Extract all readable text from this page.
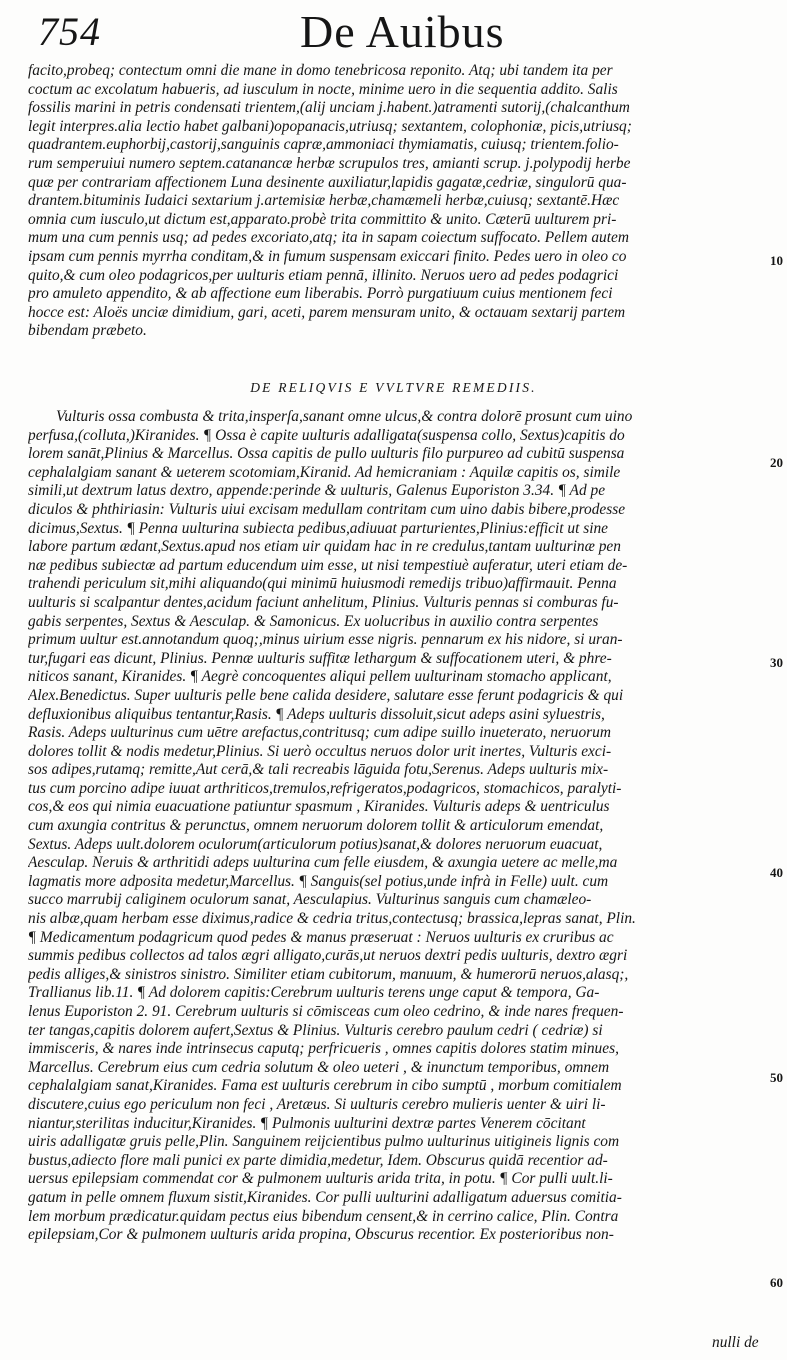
754	De Auibus
facito,probeq; contectum omni die mane in domo tenebricosa reponito. Atq; ubi tandem ita per
coctum ac excolatum habueris, ad iusculum in nocte, minime uero in die sequentia addito. Salis
fossilis marini in petris condensati trientem,(alij unciam j.habent.)atramenti sutorij,(chalcanthum
legit interpres.alia lectio habet galbani)opopanacis,utriusq; sextantem, colophoniæ, picis,utriusq;
quadrantem.euphorbij,castorij,sanguinis capræ,ammoniaci thymiamatis, cuiusq; trientem.folio-
rum semperuiui numero septem.catanancæ herbæ scrupulos tres, amianti scrup. j.polypodij herbe
quæ per contrariam affectionem Luna desinente auxiliatur,lapidis gagatæ,cedriæ, singulorū qua-
drantem.bituminis Iudaici sextarium j.artemisiæ herbæ,chamæmeli herbæ,cuiusq; sextantē.Hæc
omnia cum iusculo,ut dictum est,apparato.probè trita committito & unito. Cæterū uulturem pri-
mum una cum pennis usq; ad pedes excoriato,atq; ita in sapam coiectum suffocato. Pellem autem
ipsam cum pennis myrrha conditam,& in fumum suspensam exiccari finito. Pedes uero in oleo co
quito,& cum oleo podagricos,per uulturis etiam pennā, illinito. Neruos uero ad pedes podagrici
pro amuleto appendito, & ab affectione eum liberabis. Porrò purgatiuum cuius mentionem feci
hocce est: Aloës unciæ dimidium, gari, aceti, parem mensuram unito, & octauam sextarij partem
bibendam præbeto.
DE RELIQVIS E VVLTVRE REMEDIIS.
Vulturis ossa combusta & trita,insperſa,sanant omne ulcus,& contra dolorē prosunt cum uino
perfusa,(colluta,)Kiranides. ¶ Ossa è capite uulturis adalligata(suspensa collo, Sextus)capitis do
lorem sanāt,Plinius & Marcellus. Ossa capitis de pullo uulturis filo purpureo ad cubitū suspensa
cephalalgiam sanant & ueterem scotomiam,Kiranid. Ad hemicraniam : Aquilæ capitis os, simile
simili,ut dextrum latus dextro, appende:perinde & uulturis, Galenus Euporiston 3.34. ¶ Ad pe
diculos & phthiriasin: Vulturis uiui excisam medullam contritam cum uino dabis bibere,prodesse
dicimus,Sextus. ¶ Penna uulturina subiecta pedibus,adiuuat parturientes,Plinius:efficit ut sine
labore partum ædant,Sextus.apud nos etiam uir quidam hac in re credulus,tantam uulturinæ pen
næ pedibus subiectæ ad partum educendum uim esse, ut nisi tempestiuè auferatur, uteri etiam de-
trahendi periculum sit,mihi aliquando(qui minimū huiusmodi remedijs tribuo)affirmauit. Penna
uulturis si scalpantur dentes,acidum faciunt anhelitum, Plinius. Vulturis pennas si comburas fu-
gabis serpentes, Sextus & Aesculap. & Samonicus. Ex uolucribus in auxilio contra serpentes
primum uultur est.annotandum quoq;,minus uirium esse nigris. pennarum ex his nidore, si uran-
tur,fugari eas dicunt, Plinius. Pennæ uulturis suffitæ lethargum & suffocationem uteri, & phre-
niticos sanant, Kiranides. ¶ Aegrè concoquentes aliqui pellem uulturinam stomacho applicant,
Alex.Benedictus. Super uulturis pelle bene calida desidere, salutare esse ferunt podagricis & qui
defluxionibus aliquibus tentantur,Rasis. ¶ Adeps uulturis dissoluit,sicut adeps asini syluestris,
Rasis. Adeps uulturinus cum uētre arefactus,contritusq; cum adipe suillo inueterato, neruorum
dolores tollit & nodis medetur,Plinius. Si uerò occultus neruos dolor urit inertes, Vulturis exci-
sos adipes,rutamq; remitte,Aut cerā,& tali recreabis lāguida fotu,Serenus. Adeps uulturis mix-
tus cum porcino adipe iuuat arthriticos,tremulos,refrigeratos,podagricos, stomachicos, paralyti-
cos,& eos qui nimia euacuatione patiuntur spasmum , Kiranides. Vulturis adeps & uentriculus
cum axungia contritus & perunctus, omnem neruorum dolorem tollit & articulorum emendat,
Sextus. Adeps uult.dolorem oculorum(articulorum potius)sanat,& dolores neruorum euacuat,
Aesculap. Neruis & arthritidi adeps uulturina cum felle eiusdem, & axungia uetere ac melle,ma
lagmatis more adposita medetur,Marcellus. ¶ Sanguis(sel potius,unde infrà in Felle) uult. cum
succo marrubij caliginem oculorum sanat, Aesculapius. Vulturinus sanguis cum chamæleo-
nis albæ,quam herbam esse diximus,radice & cedria tritus,contectusq; brassica,lepras sanat, Plin.
¶ Medicamentum podagricum quod pedes & manus præseruat : Neruos uulturis ex cruribus ac
summis pedibus collectos ad talos ægri alligato,curās,ut neruos dextri pedis uulturis, dextro ægri
pedis alliges,& sinistros sinistro. Similiter etiam cubitorum, manuum, & humerorū neruos,alasq;,
Trallianus lib.11. ¶ Ad dolorem capitis:Cerebrum uulturis terens unge caput & tempora, Ga-
lenus Euporiston 2. 91. Cerebrum uulturis si cōmisceas cum oleo cedrino, & inde nares frequen-
ter tangas,capitis dolorem aufert,Sextus & Plinius. Vulturis cerebro paulum cedri ( cedriæ) si
immisceris, & nares inde intrinsecus caputq; perfricueris , omnes capitis dolores statim minues,
Marcellus. Cerebrum eius cum cedria solutum & oleo ueteri , & inunctum temporibus, omnem
cephalalgiam sanat,Kiranides. Fama est uulturis cerebrum in cibo sumptū , morbum comitialem
discutere,cuius ego periculum non feci , Aretæus. Si uulturis cerebro mulieris uenter & uiri li-
niantur,sterilitas inducitur,Kiranides. ¶ Pulmonis uulturini dextræ partes Venerem cōcitant
uiris adalligatæ gruis pelle,Plin. Sanguinem reijcientibus pulmo uulturinus uitigineis lignis com
bustus,adiecto flore mali punici ex parte dimidia,medetur, Idem. Obscurus quidā recentior ad-
uersus epilepsiam commendat cor & pulmonem uulturis arida trita, in potu. ¶ Cor pulli uult.li-
gatum in pelle omnem fluxum sistit,Kiranides. Cor pulli uulturini adalligatum aduersus comitia-
lem morbum prædicatur.quidam pectus eius bibendum censent,& in cerrino calice, Plin. Contra
epilepsiam,Cor & pulmonem uulturis arida propina, Obscurus recentior. Ex posterioribus non-
10
20
30
40
50
60
nulli de
